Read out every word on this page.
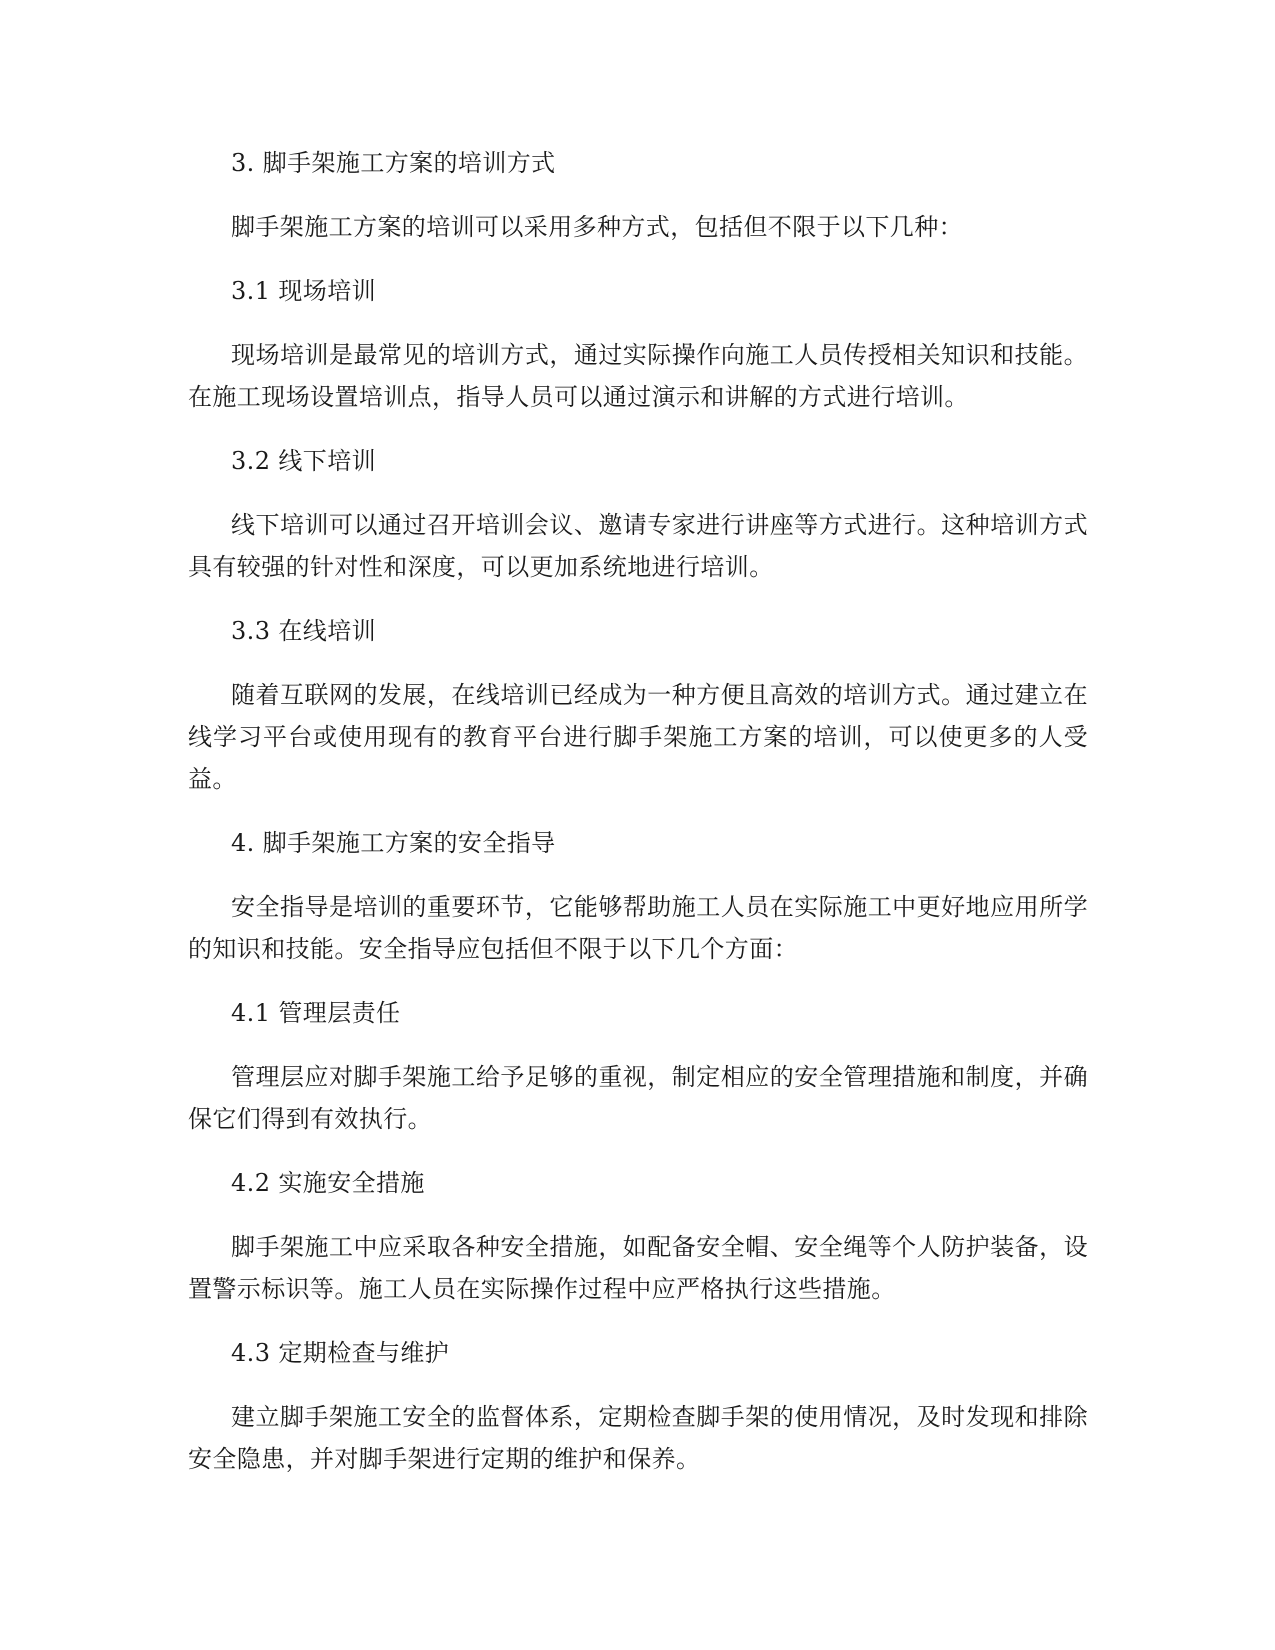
3. 脚手架施工方案的培训方式

脚手架施工方案的培训可以采用多种方式，包括但不限于以下几种：

3.1 现场培训

现场培训是最常见的培训方式，通过实际操作向施工人员传授相关知识和技能。在施工现场设置培训点，指导人员可以通过演示和讲解的方式进行培训。

3.2 线下培训

线下培训可以通过召开培训会议、邀请专家进行讲座等方式进行。这种培训方式具有较强的针对性和深度，可以更加系统地进行培训。

3.3 在线培训

随着互联网的发展，在线培训已经成为一种方便且高效的培训方式。通过建立在线学习平台或使用现有的教育平台进行脚手架施工方案的培训，可以使更多的人受益。

4. 脚手架施工方案的安全指导

安全指导是培训的重要环节，它能够帮助施工人员在实际施工中更好地应用所学的知识和技能。安全指导应包括但不限于以下几个方面：

4.1 管理层责任

管理层应对脚手架施工给予足够的重视，制定相应的安全管理措施和制度，并确保它们得到有效执行。

4.2 实施安全措施

脚手架施工中应采取各种安全措施，如配备安全帽、安全绳等个人防护装备，设置警示标识等。施工人员在实际操作过程中应严格执行这些措施。

4.3 定期检查与维护

建立脚手架施工安全的监督体系，定期检查脚手架的使用情况，及时发现和排除安全隐患，并对脚手架进行定期的维护和保养。
